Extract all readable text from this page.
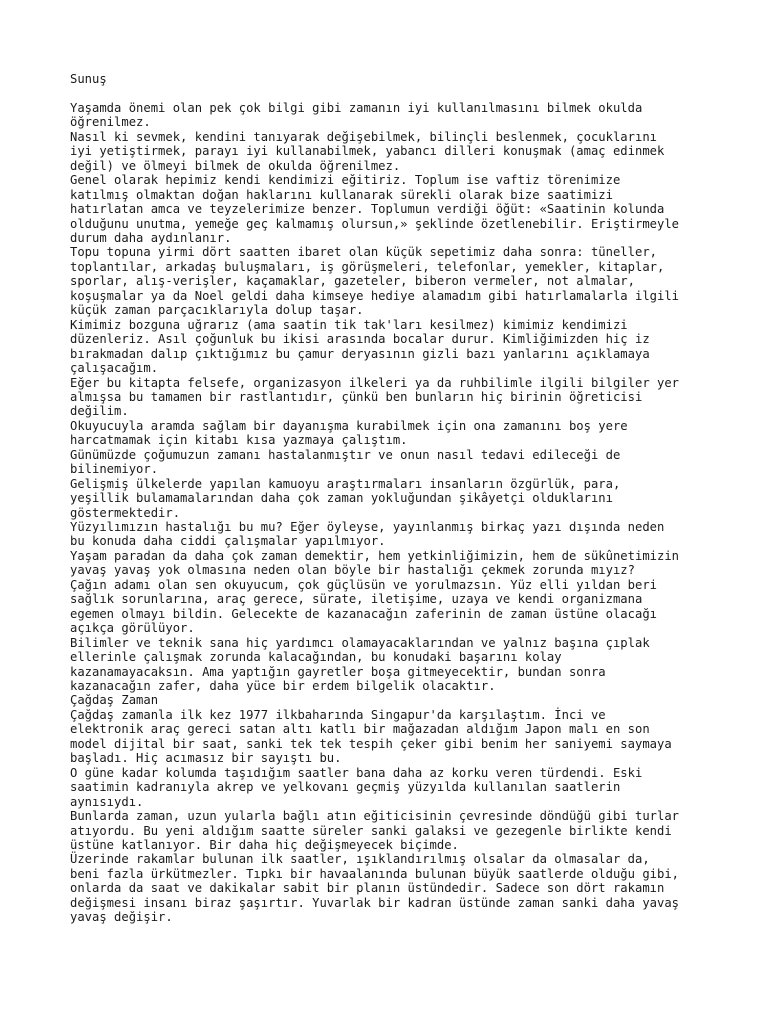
Sunuş
Yaşamda önemi olan pek çok bilgi gibi zamanın iyi kullanılmasını bilmek okulda
öğrenilmez.
Nasıl ki sevmek, kendini tanıyarak değişebilmek, bilinçli beslenmek, çocuklarını
iyi yetiştirmek, parayı iyi kullanabilmek, yabancı dilleri konuşmak (amaç edinmek
değil) ve ölmeyi bilmek de okulda öğrenilmez.
Genel olarak hepimiz kendi kendimizi eğitiriz. Toplum ise vaftiz törenimize
katılmış olmaktan doğan haklarını kullanarak sürekli olarak bize saatimizi
hatırlatan amca ve teyzelerimize benzer. Toplumun verdiği öğüt: «Saatinin kolunda
olduğunu unutma, yemeğe geç kalmamış olursun,» şeklinde özetlenebilir. Eriştirmeyle
durum daha aydınlanır.
Topu topuna yirmi dört saatten ibaret olan küçük sepetimiz daha sonra: tüneller,
toplantılar, arkadaş buluşmaları, iş görüşmeleri, telefonlar, yemekler, kitaplar,
sporlar, alış-verişler, kaçamaklar, gazeteler, biberon vermeler, not almalar,
koşuşmalar ya da Noel geldi daha kimseye hediye alamadım gibi hatırlamalarla ilgili
küçük zaman parçacıklarıyla dolup taşar.
Kimimiz bozguna uğrarız (ama saatin tik tak'ları kesilmez) kimimiz kendimizi
düzenleriz. Asıl çoğunluk bu ikisi arasında bocalar durur. Kimliğimizden hiç iz
bırakmadan dalıp çıktığımız bu çamur deryasının gizli bazı yanlarını açıklamaya
çalışacağım.
Eğer bu kitapta felsefe, organizasyon ilkeleri ya da ruhbilimle ilgili bilgiler yer
almışsa bu tamamen bir rastlantıdır, çünkü ben bunların hiç birinin öğreticisi
değilim.
Okuyucuyla aramda sağlam bir dayanışma kurabilmek için ona zamanını boş yere
harcatmamak için kitabı kısa yazmaya çalıştım.
Günümüzde çoğumuzun zamanı hastalanmıştır ve onun nasıl tedavi edileceği de
bilinemiyor.
Gelişmiş ülkelerde yapılan kamuoyu araştırmaları insanların özgürlük, para,
yeşillik bulamamalarından daha çok zaman yokluğundan şikâyetçi olduklarını
göstermektedir.
Yüzyılımızın hastalığı bu mu? Eğer öyleyse, yayınlanmış birkaç yazı dışında neden
bu konuda daha ciddi çalışmalar yapılmıyor.
Yaşam paradan da daha çok zaman demektir, hem yetkinliğimizin, hem de sükûnetimizin
yavaş yavaş yok olmasına neden olan böyle bir hastalığı çekmek zorunda mıyız?
Çağın adamı olan sen okuyucum, çok güçlüsün ve yorulmazsın. Yüz elli yıldan beri
sağlık sorunlarına, araç gerece, sürate, iletişime, uzaya ve kendi organizmana
egemen olmayı bildin. Gelecekte de kazanacağın zaferinin de zaman üstüne olacağı
açıkça görülüyor.
Bilimler ve teknik sana hiç yardımcı olamayacaklarından ve yalnız başına çıplak
ellerinle çalışmak zorunda kalacağından, bu konudaki başarını kolay
kazanamayacaksın. Ama yaptığın gayretler boşa gitmeyecektir, bundan sonra
kazanacağın zafer, daha yüce bir erdem bilgelik olacaktır.
Çağdaş Zaman
Çağdaş zamanla ilk kez 1977 ilkbaharında Singapur'da karşılaştım. İnci ve
elektronik araç gereci satan altı katlı bir mağazadan aldığım Japon malı en son
model dijital bir saat, sanki tek tek tespih çeker gibi benim her saniyemi saymaya
başladı. Hiç acımasız bir sayıştı bu.
O güne kadar kolumda taşıdığım saatler bana daha az korku veren türdendi. Eski
saatimin kadranıyla akrep ve yelkovanı geçmiş yüzyılda kullanılan saatlerin
aynısıydı.
Bunlarda zaman, uzun yularla bağlı atın eğiticisinin çevresinde döndüğü gibi turlar
atıyordu. Bu yeni aldığım saatte süreler sanki galaksi ve gezegenle birlikte kendi
üstüne katlanıyor. Bir daha hiç değişmeyecek biçimde.
Üzerinde rakamlar bulunan ilk saatler, ışıklandırılmış olsalar da olmasalar da,
beni fazla ürkütmezler. Tıpkı bir havaalanında bulunan büyük saatlerde olduğu gibi,
onlarda da saat ve dakikalar sabit bir planın üstündedir. Sadece son dört rakamın
değişmesi insanı biraz şaşırtır. Yuvarlak bir kadran üstünde zaman sanki daha yavaş
yavaş değişir.
